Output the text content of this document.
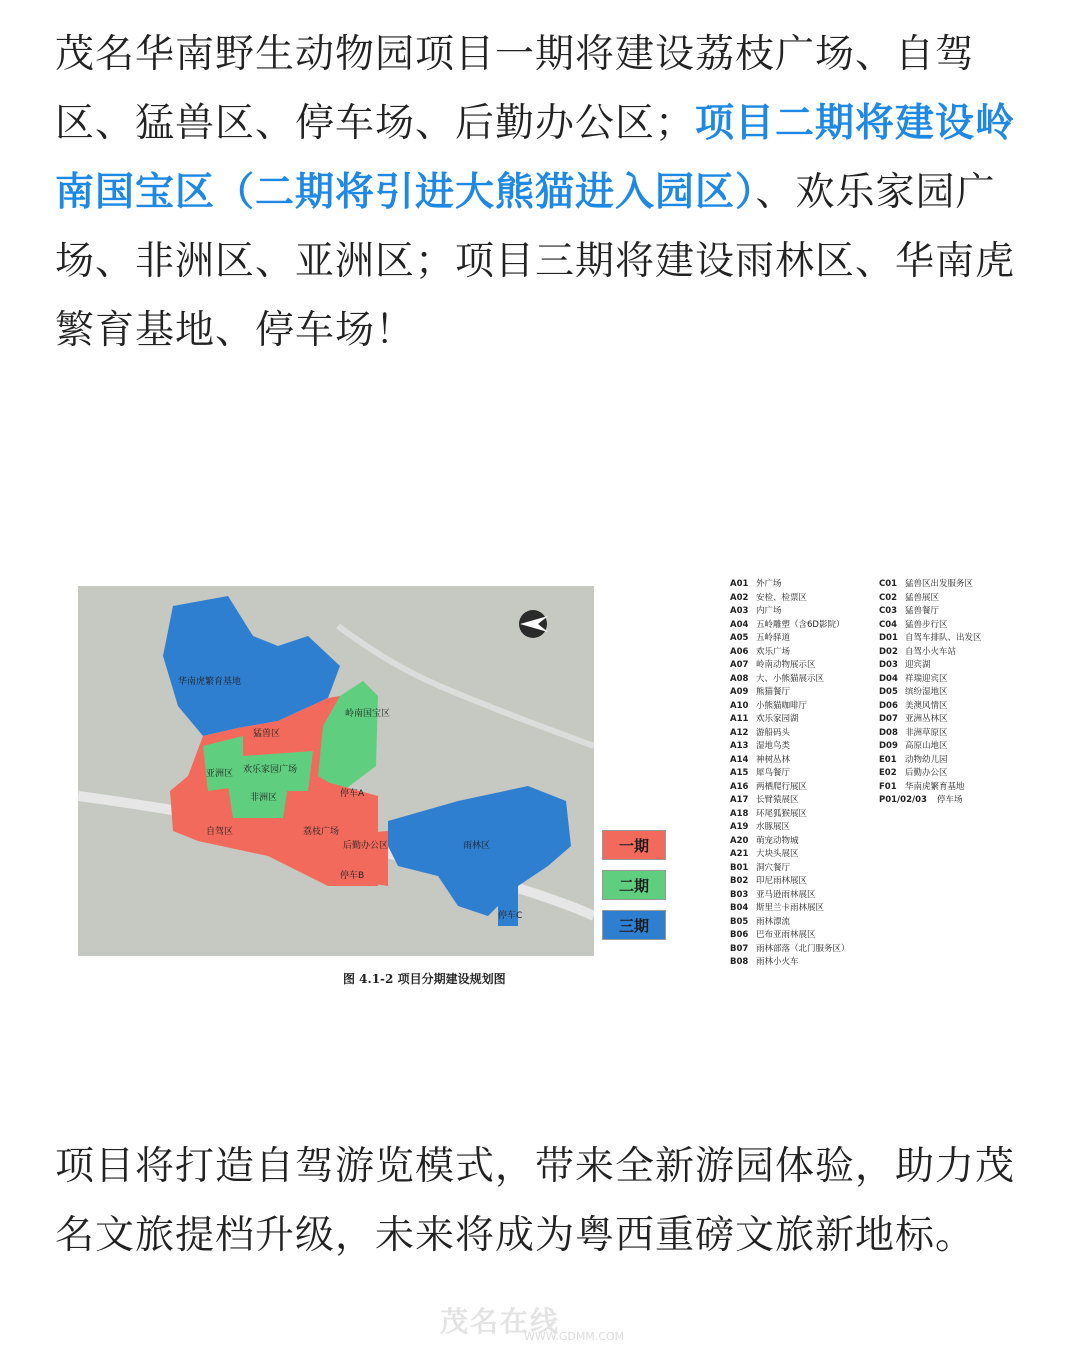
茂名华南野生动物园项目一期将建设荔枝广场、自驾区、猛兽区、停车场、后勤办公区；项目二期将建设岭南国宝区（二期将引进大熊猫进入园区）、欢乐家园广场、非洲区、亚洲区；项目三期将建设雨林区、华南虎繁育基地、停车场！

华南虎繁育基地
猛兽区
岭南国宝区
亚洲区 欢乐家园广场
非洲区
自驾区	荔枝广场
停车A
后勤办公区
停车B
雨林区
停车C
一期
二期
三期
图 4.1-2 项目分期建设规划图
A01 外广场
A02 安检、检票区
A03 内广场
A04 五岭雕塑（含6D影院）
A05 五岭驿道
A06 欢乐广场
A07 岭南动物展示区
A08 大、小熊猫展示区
A09 熊猫餐厅
A10 小熊猫咖啡厅
A11 欢乐家园湖
A12 游船码头
A13 湿地鸟类
A14 神树丛林
A15 犀鸟餐厅
A16 两栖爬行展区
A17 长臂猿展区
A18 环尾狐猴展区
A19 水豚展区
A20 萌宠动物城
A21 大块头展区
B01 洞穴餐厅
B02 印尼雨林展区
B03 亚马逊雨林展区
B04 斯里兰卡雨林展区
B05 雨林漂流
B06 巴布亚雨林展区
B07 雨林部落（北门服务区）
B08 雨林小火车
C01 猛兽区出发服务区
C02 猛兽展区
C03 猛兽餐厅
C04 猛兽步行区
D01 自驾车排队、出发区
D02 自驾小火车站
D03 迎宾湖
D04 祥瑞迎宾区
D05 缤纷湿地区
D06 美澳风情区
D07 亚洲丛林区
D08 非洲草原区
D09 高原山地区
E01 动物幼儿园
E02 后勤办公区
F01 华南虎繁育基地
P01/02/03 停车场

项目将打造自驾游览模式，带来全新游园体验，助力茂名文旅提档升级，未来将成为粤西重磅文旅新地标。

茂名在线
WWW.GDMM.COM
